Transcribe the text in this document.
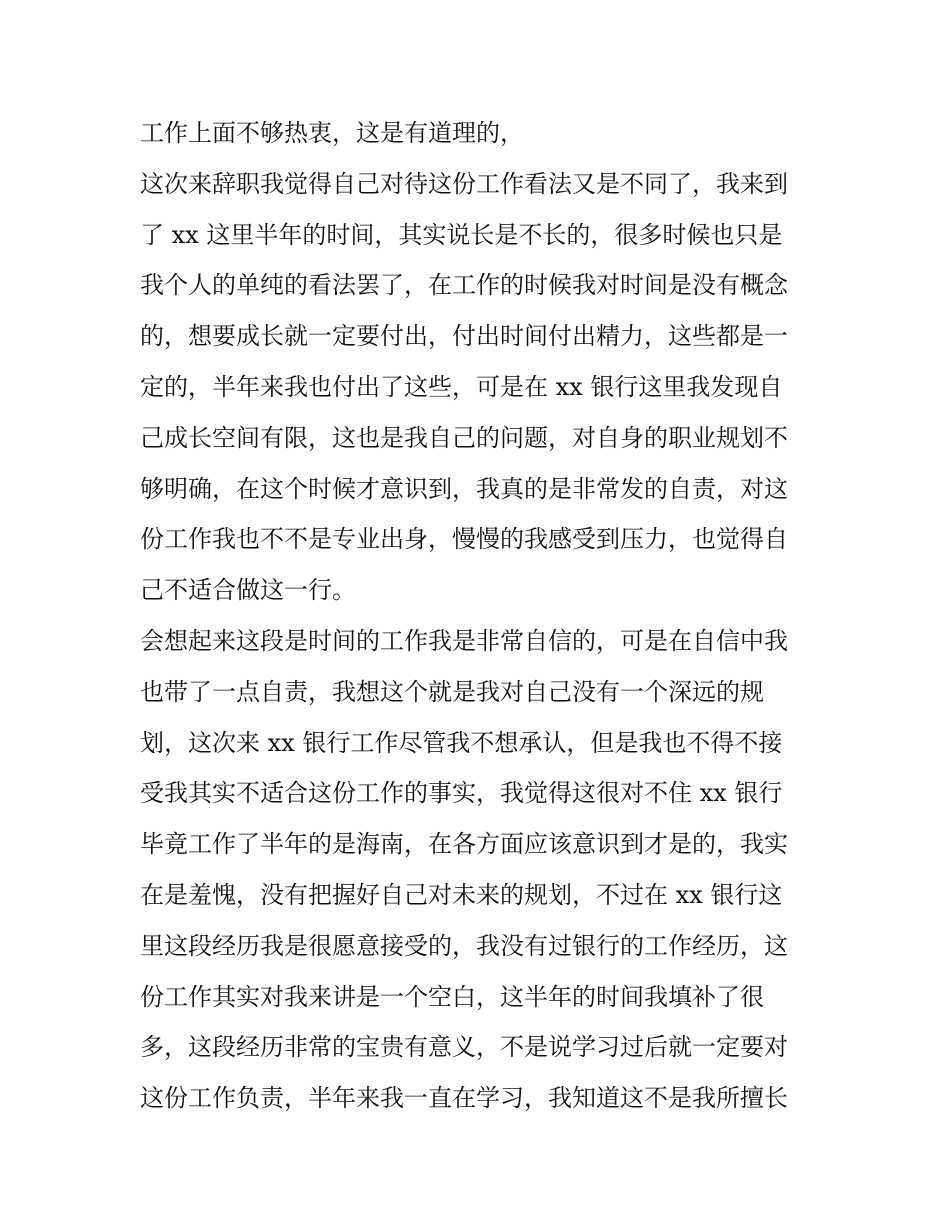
工作上面不够热衷，这是有道理的，
这次来辞职我觉得自己对待这份工作看法又是不同了，我来到
了 xx 这里半年的时间，其实说长是不长的，很多时候也只是
我个人的单纯的看法罢了，在工作的时候我对时间是没有概念
的，想要成长就一定要付出，付出时间付出精力，这些都是一
定的，半年来我也付出了这些，可是在 xx 银行这里我发现自
己成长空间有限，这也是我自己的问题，对自身的职业规划不
够明确，在这个时候才意识到，我真的是非常发的自责，对这
份工作我也不不是专业出身，慢慢的我感受到压力，也觉得自
己不适合做这一行。
会想起来这段是时间的工作我是非常自信的，可是在自信中我
也带了一点自责，我想这个就是我对自己没有一个深远的规
划，这次来 xx 银行工作尽管我不想承认，但是我也不得不接
受我其实不适合这份工作的事实，我觉得这很对不住 xx 银行
毕竟工作了半年的是海南，在各方面应该意识到才是的，我实
在是羞愧，没有把握好自己对未来的规划，不过在 xx 银行这
里这段经历我是很愿意接受的，我没有过银行的工作经历，这
份工作其实对我来讲是一个空白，这半年的时间我填补了很
多，这段经历非常的宝贵有意义，不是说学习过后就一定要对
这份工作负责，半年来我一直在学习，我知道这不是我所擅长
